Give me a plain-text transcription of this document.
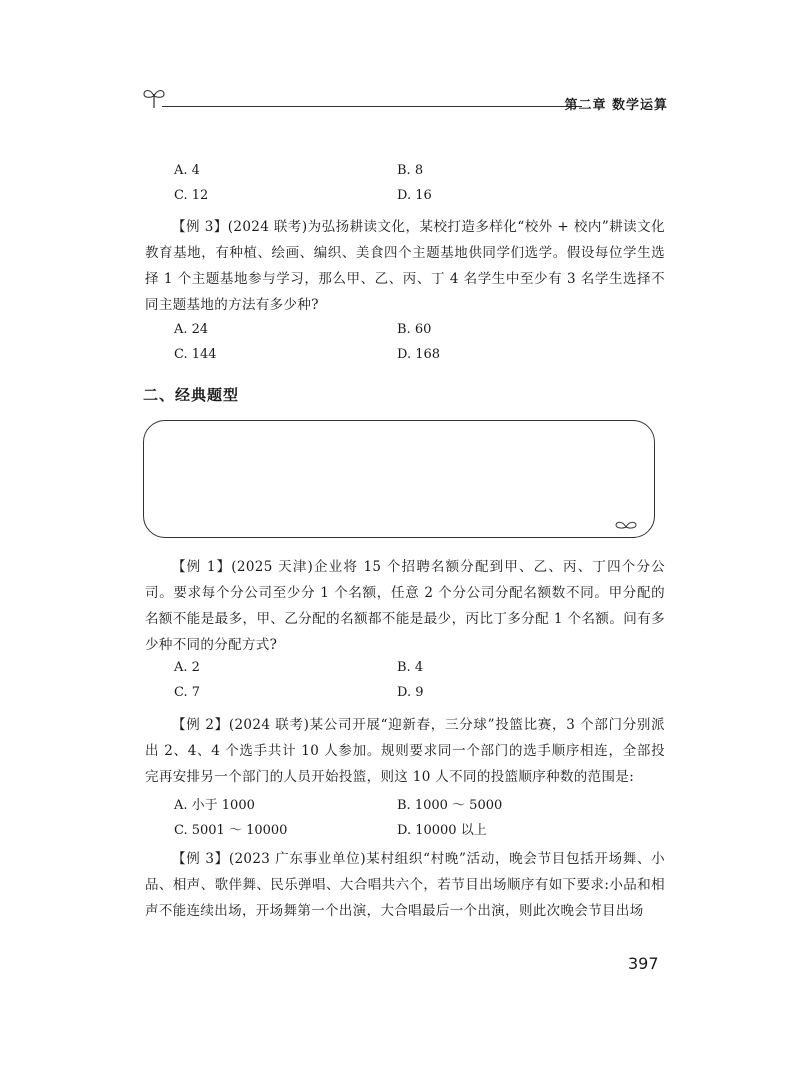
第二章 数学运算
A. 4	B. 8
C. 12	D. 16
【例 3】(2024 联考)为弘扬耕读文化，某校打造多样化“校外 + 校内”耕读文化教育基地，有种植、绘画、编织、美食四个主题基地供同学们选学。假设每位学生选择 1 个主题基地参与学习，那么甲、乙、丙、丁 4 名学生中至少有 3 名学生选择不同主题基地的方法有多少种?
A. 24	B. 60
C. 144	D. 168
二、经典题型
【例 1】(2025 天津)企业将 15 个招聘名额分配到甲、乙、丙、丁四个分公司。要求每个分公司至少分 1 个名额，任意 2 个分公司分配名额数不同。甲分配的名额不能是最多，甲、乙分配的名额都不能是最少，丙比丁多分配 1 个名额。问有多少种不同的分配方式?
A. 2	B. 4
C. 7	D. 9
【例 2】(2024 联考)某公司开展“迎新春，三分球”投篮比赛，3 个部门分别派出 2、4、4 个选手共计 10 人参加。规则要求同一个部门的选手顺序相连，全部投完再安排另一个部门的人员开始投篮，则这 10 人不同的投篮顺序种数的范围是:
A. 小于 1000	B. 1000 ～ 5000
C. 5001 ～ 10000	D. 10000 以上
【例 3】(2023 广东事业单位)某村组织“村晚”活动，晚会节目包括开场舞、小品、相声、歌伴舞、民乐弹唱、大合唱共六个，若节目出场顺序有如下要求:小品和相声不能连续出场，开场舞第一个出演，大合唱最后一个出演，则此次晚会节目出场
397
